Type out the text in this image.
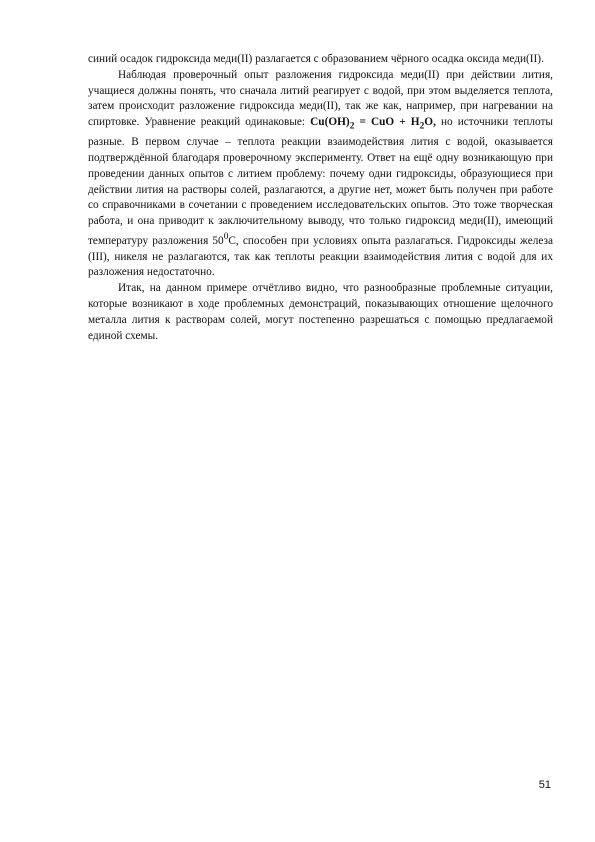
синий осадок гидроксида меди(II) разлагается с образованием чёрного осадка оксида меди(II).

Наблюдая проверочный опыт разложения гидроксида меди(II) при действии лития, учащиеся должны понять, что сначала литий реагирует с водой, при этом выделяется теплота, затем происходит разложение гидроксида меди(II), так же как, например, при нагревании на спиртовке. Уравнение реакций одинаковые: $Cu(OH)_2$ = CuO + $H_2O$, но источники теплоты разные. В первом случае – теплота реакции взаимодействия лития с водой, оказывается подтверждённой благодаря проверочному эксперименту. Ответ на ещё одну возникающую при проведении данных опытов с литием проблему: почему одни гидроксиды, образующиеся при действии лития на растворы солей, разлагаются, а другие нет, может быть получен при работе со справочниками в сочетании с проведением исследовательских опытов. Это тоже творческая работа, и она приводит к заключительному выводу, что только гидроксид меди(II), имеющий температуру разложения $50^0С$, способен при условиях опыта разлагаться. Гидроксиды железа (III), никеля не разлагаются, так как теплоты реакции взаимодействия лития с водой для их разложения недостаточно.

Итак, на данном примере отчётливо видно, что разнообразные проблемные ситуации, которые возникают в ходе проблемных демонстраций, показывающих отношение щелочного металла лития к растворам солей, могут постепенно разрешаться с помощью предлагаемой единой схемы.

51
